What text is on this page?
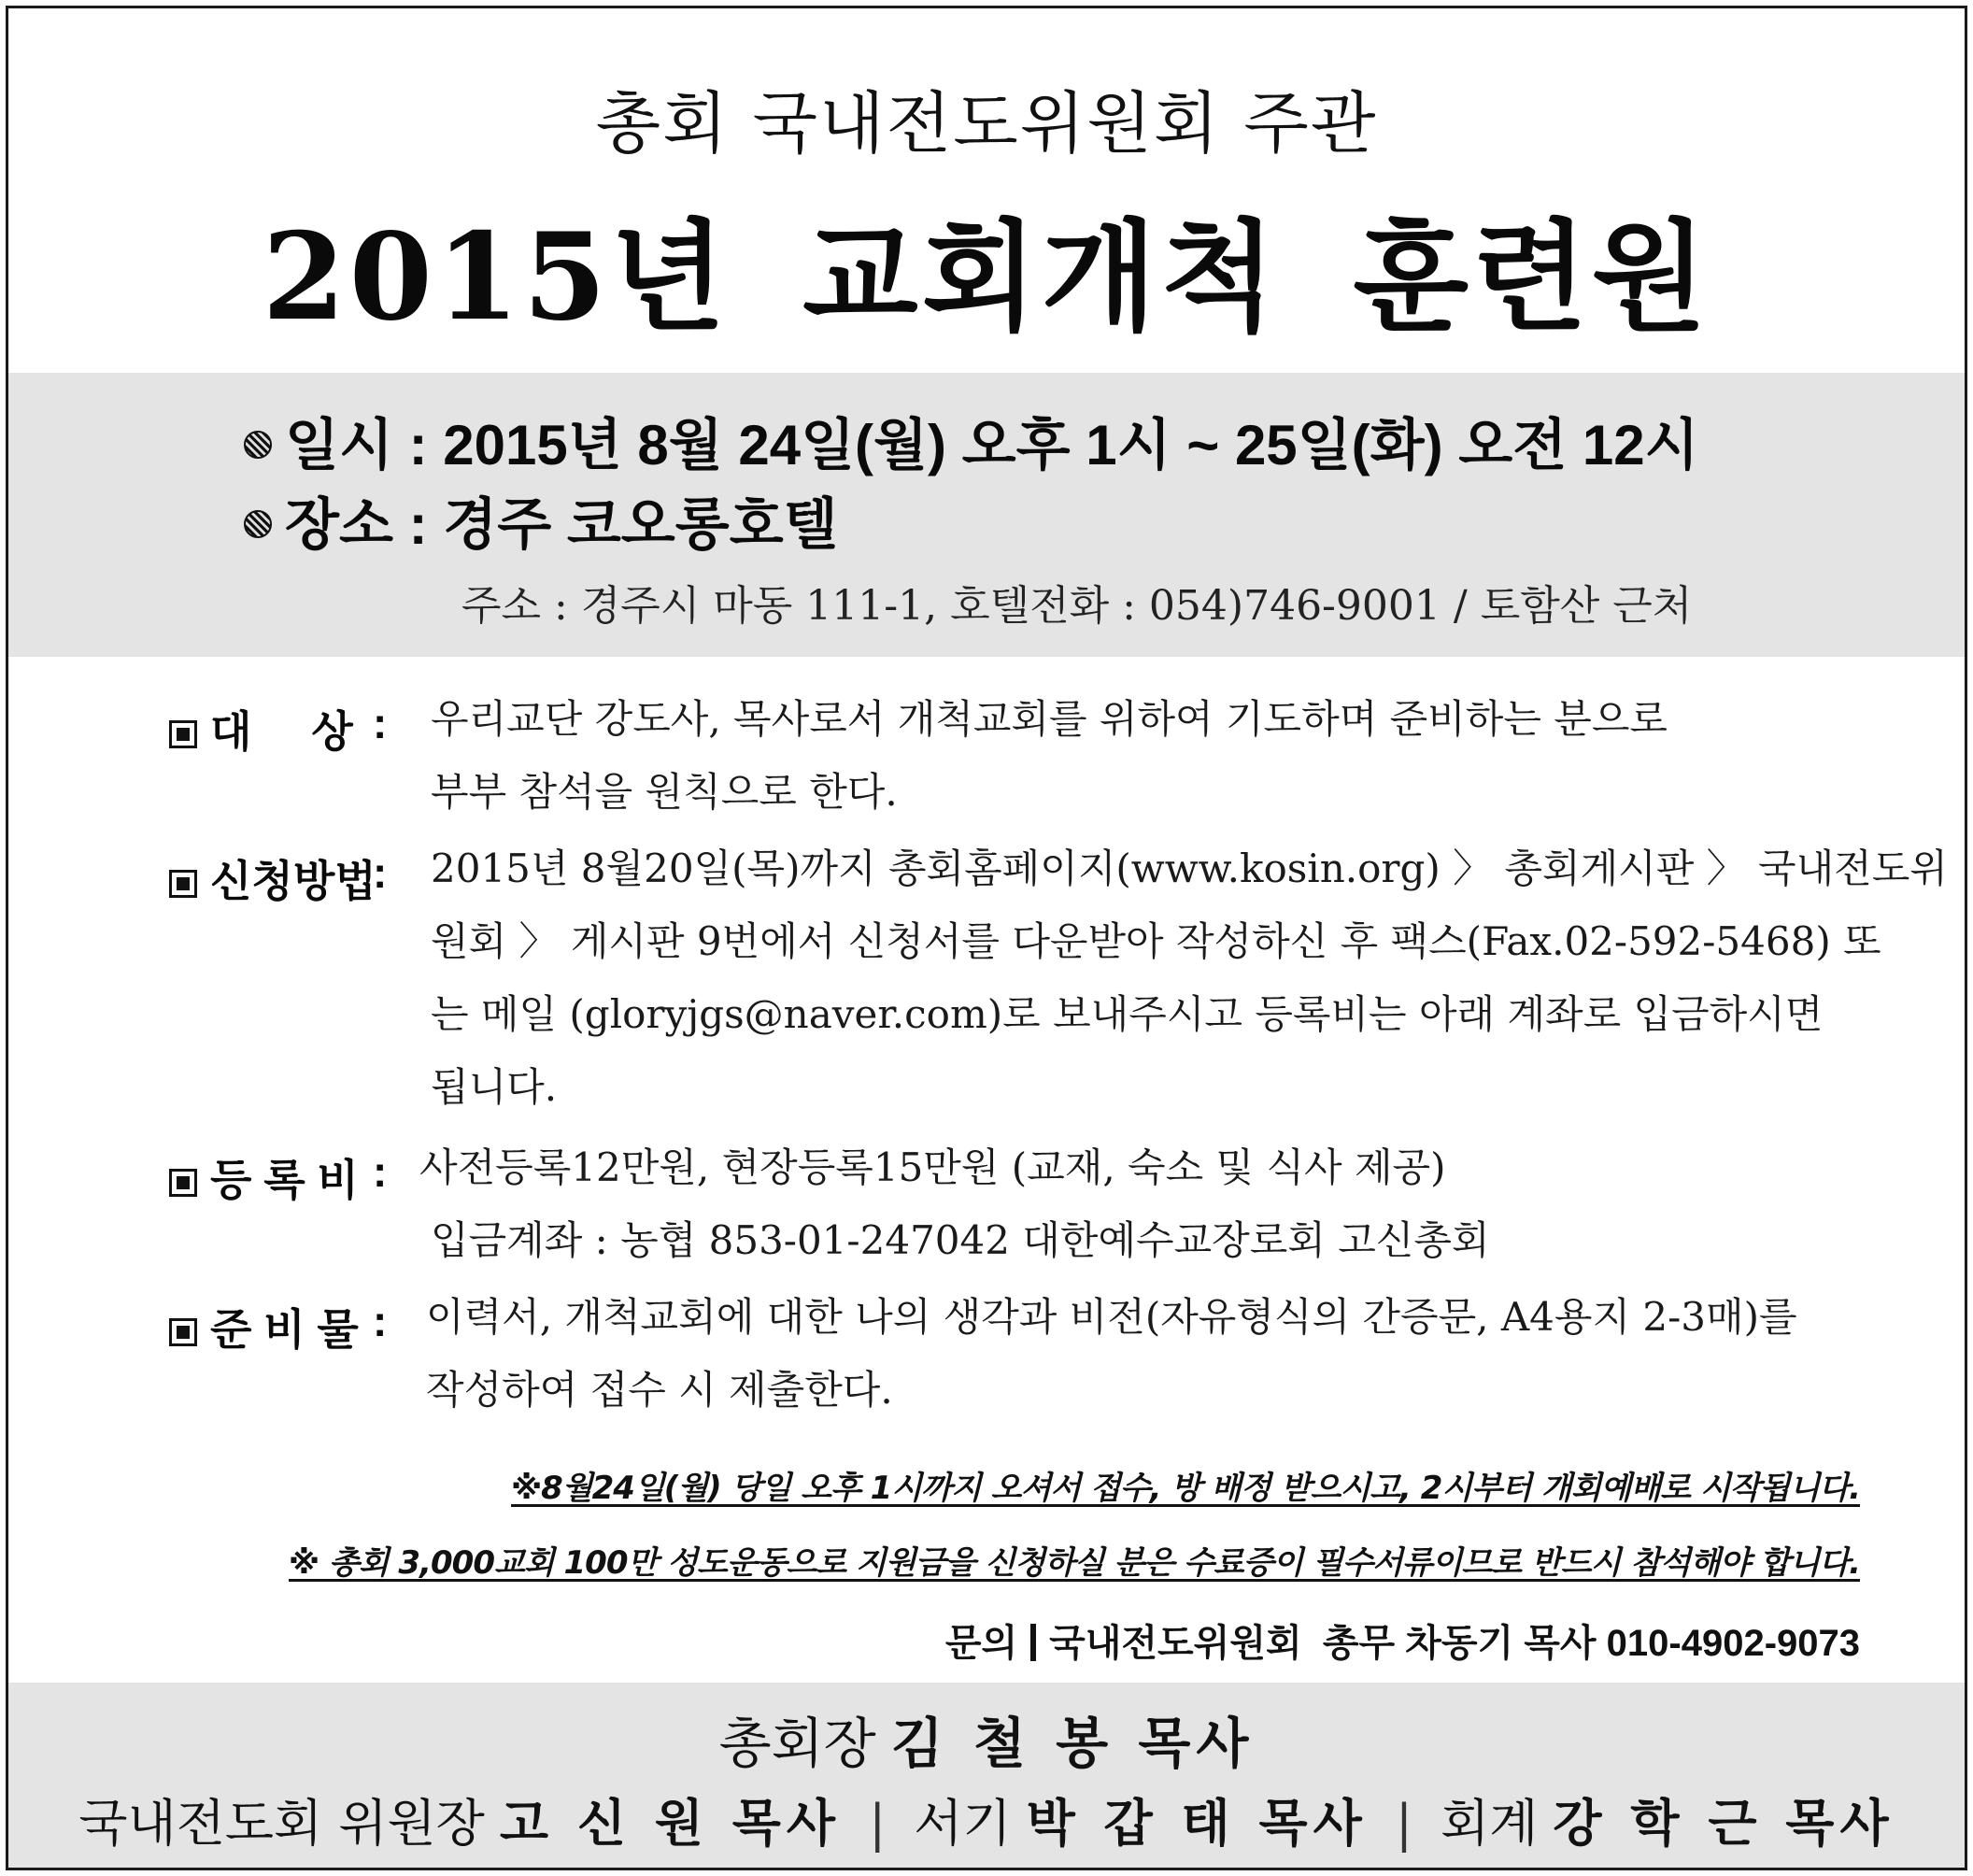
총회 국내전도위원회 주관
2015년 교회개척 훈련원
일시 : 2015년 8월 24일(월) 오후 1시 ~ 25일(화) 오전 12시
장소 : 경주 코오롱호텔
주소 : 경주시 마동 111-1, 호텔전화 : 054)746-9001 / 토함산 근처
대     상 : 우리교단 강도사, 목사로서 개척교회를 위하여 기도하며 준비하는 분으로

부부 참석을 원칙으로 한다.

신청방법
: 2015년 8월20일(목)까지 총회홈페이지(www.kosin.org) 〉 총회게시판 〉 국내전도위

원회 〉 게시판 9번에서 신청서를 다운받아 작성하신 후 팩스(Fax.02-592-5468) 또

는 메일 (gloryjgs@naver.com)로 보내주시고 등록비는 아래 계좌로 입금하시면

됩니다.

등 록 비 : 사전등록12만원, 현장등록15만원 (교재, 숙소 및 식사 제공)

입금계좌 : 농협 853-01-247042 대한예수교장로회 고신총회

준 비 물 : 이력서, 개척교회에 대한 나의 생각과 비전(자유형식의 간증문, A4용지 2-3매)를

작성하여 접수 시 제출한다.

※8월24일(월) 당일 오후 1시까지 오셔서 접수, 방 배정 받으시고, 2시부터 개회예배로 시작됩니다.
※ 총회 3,000교회 100만 성도운동으로 지원금을 신청하실 분은 수료증이 필수서류이므로 반드시 참석해야 합니다.
문의 국내전도위원회  총무 차동기 목사 010-4902-9073
총회장 김 철 봉 목사
국내전도회 위원장 고 신 원 목사 | 서기 박 갑 태 목사 | 회계 강 학 근 목사
